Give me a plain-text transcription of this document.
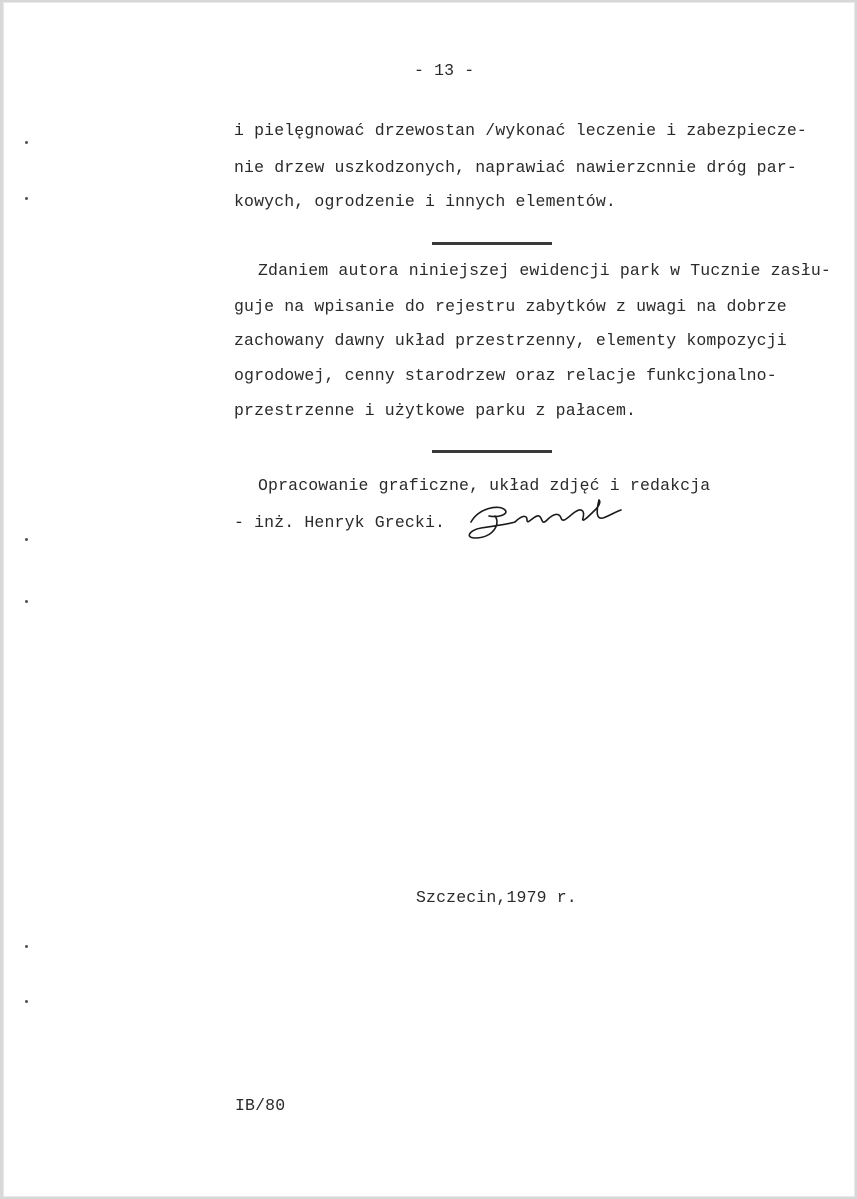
- 13 -
i pielęgnować drzewostan /wykonać leczenie i zabezpiecze-
nie drzew uszkodzonych, naprawiać nawierzcnnie dróg par-
kowych, ogrodzenie i innych elementów.
Zdaniem autora niniejszej ewidencji park w Tucznie zasłu-
guje na wpisanie do rejestru zabytków z uwagi na dobrze
zachowany dawny układ przestrzenny, elementy kompozycji
ogrodowej, cenny starodrzew oraz relacje funkcjonalno-
przestrzenne i użytkowe parku z pałacem.
Opracowanie graficzne, układ zdjęć i redakcja
- inż. Henryk Grecki.
Szczecin,1979 r.
IB/80
